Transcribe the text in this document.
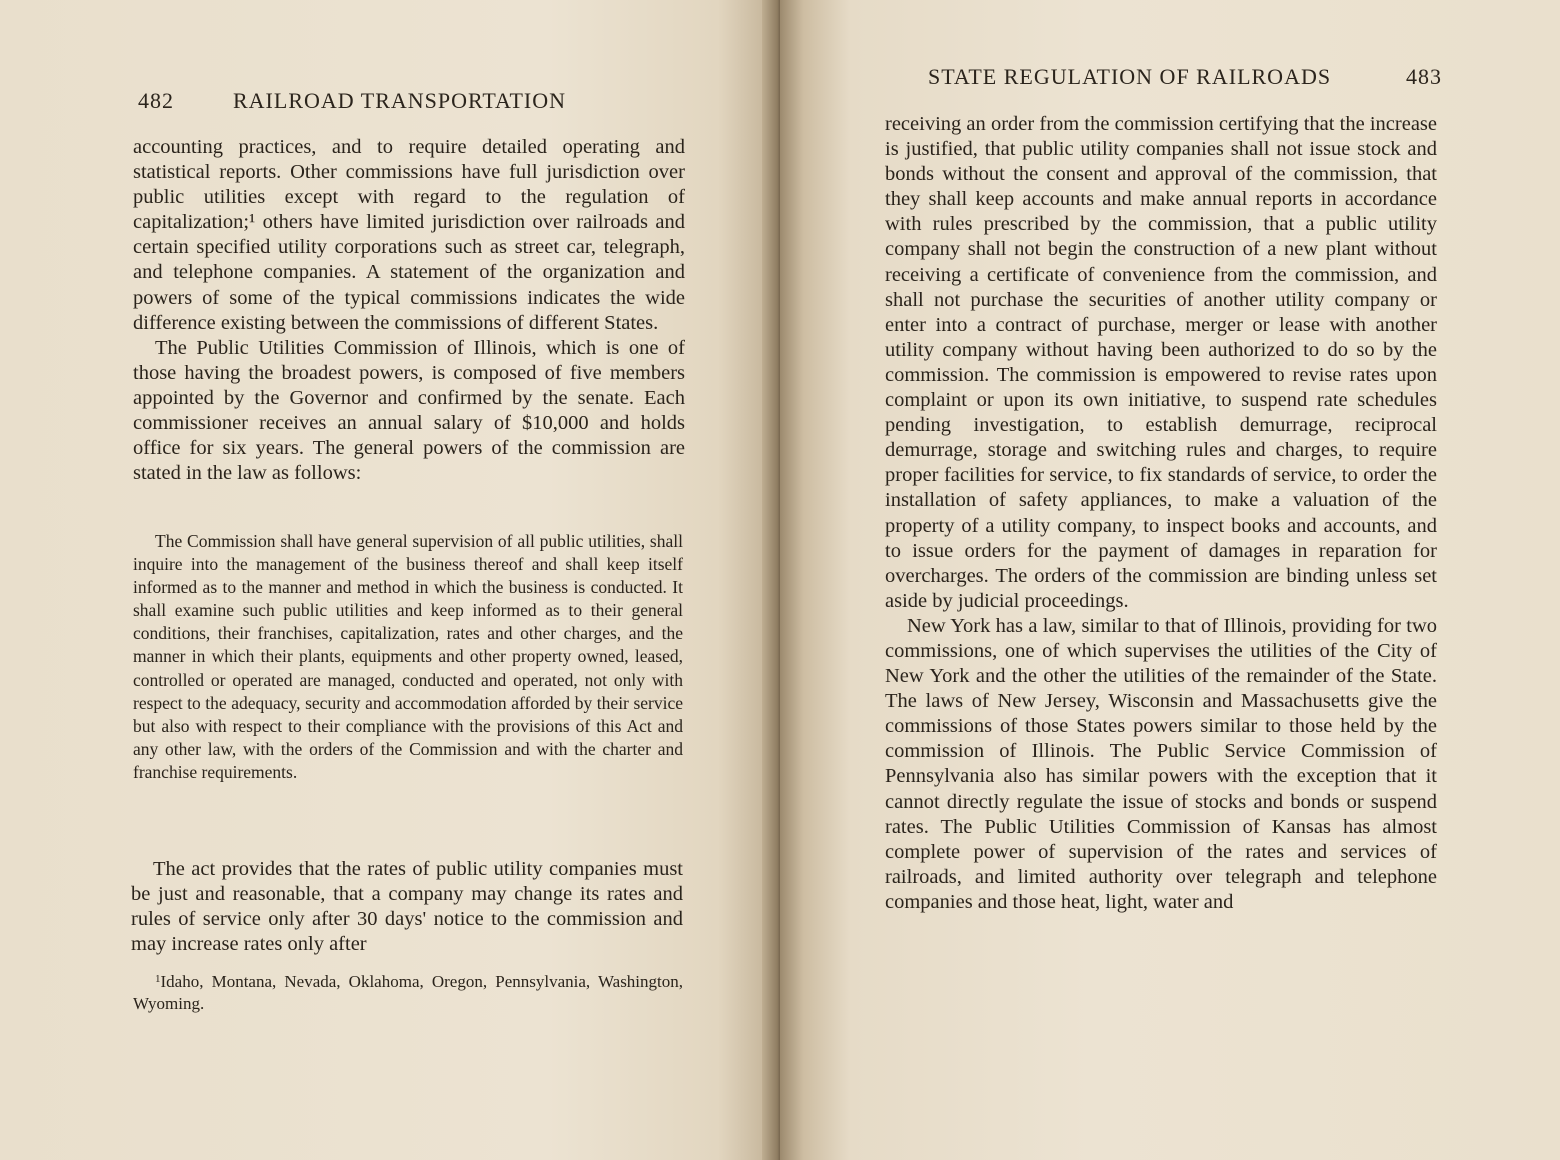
482	RAILROAD TRANSPORTATION

accounting practices, and to require detailed operating and statistical reports. Other commissions have full jurisdiction over public utilities except with regard to the regulation of capitalization;¹ others have limited jurisdiction over railroads and certain specified utility corporations such as street car, telegraph, and telephone companies. A statement of the organization and powers of some of the typical commissions indicates the wide difference existing between the commissions of different States.

The Public Utilities Commission of Illinois, which is one of those having the broadest powers, is composed of five members appointed by the Governor and confirmed by the senate. Each commissioner receives an annual salary of $10,000 and holds office for six years. The general powers of the commission are stated in the law as follows:

The Commission shall have general supervision of all public utilities, shall inquire into the management of the business thereof and shall keep itself informed as to the manner and method in which the business is conducted. It shall examine such public utilities and keep informed as to their general conditions, their franchises, capitalization, rates and other charges, and the manner in which their plants, equipments and other property owned, leased, controlled or operated are managed, conducted and operated, not only with respect to the adequacy, security and accommodation afforded by their service but also with respect to their compliance with the provisions of this Act and any other law, with the orders of the Commission and with the charter and franchise requirements.

The act provides that the rates of public utility companies must be just and reasonable, that a company may change its rates and rules of service only after 30 days' notice to the commission and may increase rates only after

$^1$Idaho, Montana, Nevada, Oklahoma, Oregon, Pennsylvania, Washington, Wyoming.

STATE REGULATION OF RAILROADS	483

receiving an order from the commission certifying that the increase is justified, that public utility companies shall not issue stock and bonds without the consent and approval of the commission, that they shall keep accounts and make annual reports in accordance with rules prescribed by the commission, that a public utility company shall not begin the construction of a new plant without receiving a certificate of convenience from the commission, and shall not purchase the securities of another utility company or enter into a contract of purchase, merger or lease with another utility company without having been authorized to do so by the commission. The commission is empowered to revise rates upon complaint or upon its own initiative, to suspend rate schedules pending investigation, to establish demurrage, reciprocal demurrage, storage and switching rules and charges, to require proper facilities for service, to fix standards of service, to order the installation of safety appliances, to make a valuation of the property of a utility company, to inspect books and accounts, and to issue orders for the payment of damages in reparation for overcharges. The orders of the commission are binding unless set aside by judicial proceedings.

New York has a law, similar to that of Illinois, providing for two commissions, one of which supervises the utilities of the City of New York and the other the utilities of the remainder of the State. The laws of New Jersey, Wisconsin and Massachusetts give the commissions of those States powers similar to those held by the commission of Illinois. The Public Service Commission of Pennsylvania also has similar powers with the exception that it cannot directly regulate the issue of stocks and bonds or suspend rates. The Public Utilities Commission of Kansas has almost complete power of supervision of the rates and services of railroads, and limited authority over telegraph and telephone companies and those heat, light, water and
